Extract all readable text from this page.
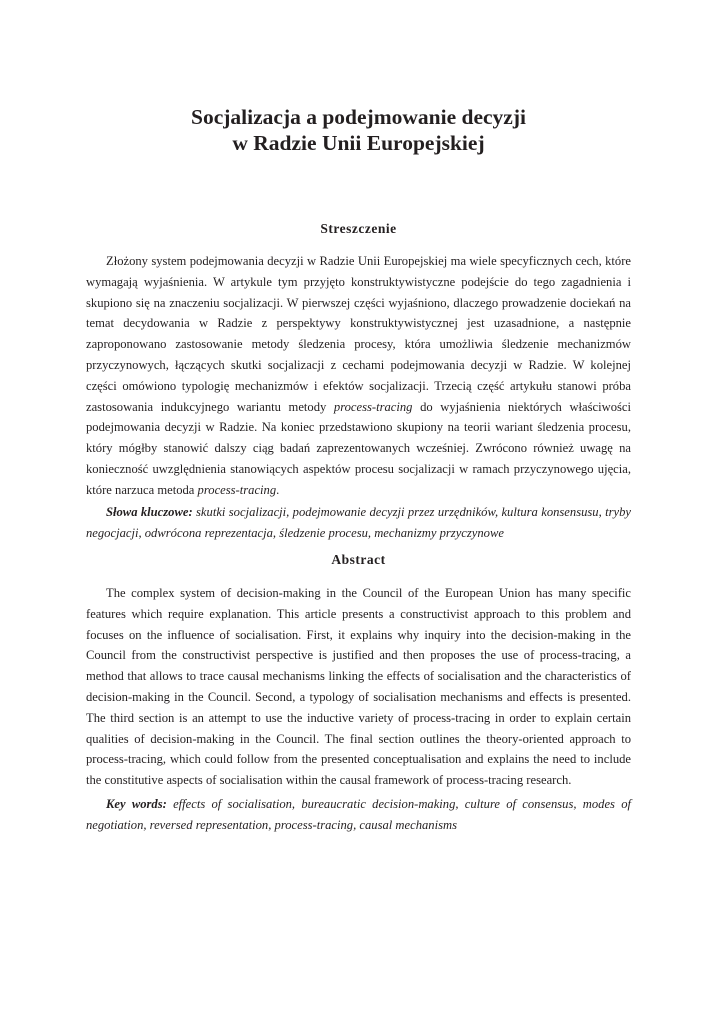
Socjalizacja a podejmowanie decyzji
w Radzie Unii Europejskiej
Streszczenie

Złożony system podejmowania decyzji w Radzie Unii Europejskiej ma wiele specyficznych cech, które wymagają wyjaśnienia. W artykule tym przyjęto konstruktywistyczne podejście do tego zagadnienia i skupiono się na znaczeniu socjalizacji. W pierwszej części wyjaśniono, dlaczego prowadzenie dociekań na temat decydowania w Radzie z perspektywy konstruktywistycznej jest uzasadnione, a następnie zaproponowano zastosowanie metody śledzenia procesy, która umożliwia śledzenie mechanizmów przyczynowych, łączących skutki socjalizacji z cechami podejmowania decyzji w Radzie. W kolejnej części omówiono typologię mechanizmów i efektów socjalizacji. Trzecią część artykułu stanowi próba zastosowania indukcyjnego wariantu metody process-tracing do wyjaśnienia niektórych właściwości podejmowania decyzji w Radzie. Na koniec przedstawiono skupiony na teorii wariant śledzenia procesu, który mógłby stanowić dalszy ciąg badań zaprezentowanych wcześniej. Zwrócono również uwagę na konieczność uwzględnienia stanowiących aspektów procesu socjalizacji w ramach przyczynowego ujęcia, które narzuca metoda process-tracing.

Słowa kluczowe: skutki socjalizacji, podejmowanie decyzji przez urzędników, kultura konsensusu, tryby negocjacji, odwrócona reprezentacja, śledzenie procesu, mechanizmy przyczynowe

Abstract

The complex system of decision-making in the Council of the European Union has many specific features which require explanation. This article presents a constructivist approach to this problem and focuses on the influence of socialisation. First, it explains why inquiry into the decision-making in the Council from the constructivist perspective is justified and then proposes the use of process-tracing, a method that allows to trace causal mechanisms linking the effects of socialisation and the characteristics of decision-making in the Council. Second, a typology of socialisation mechanisms and effects is presented. The third section is an attempt to use the inductive variety of process-tracing in order to explain certain qualities of decision-making in the Council. The final section outlines the theory-oriented approach to process-tracing, which could follow from the presented conceptualisation and explains the need to include the constitutive aspects of socialisation within the causal framework of process-tracing research.

Key words: effects of socialisation, bureaucratic decision-making, culture of consensus, modes of negotiation, reversed representation, process-tracing, causal mechanisms
